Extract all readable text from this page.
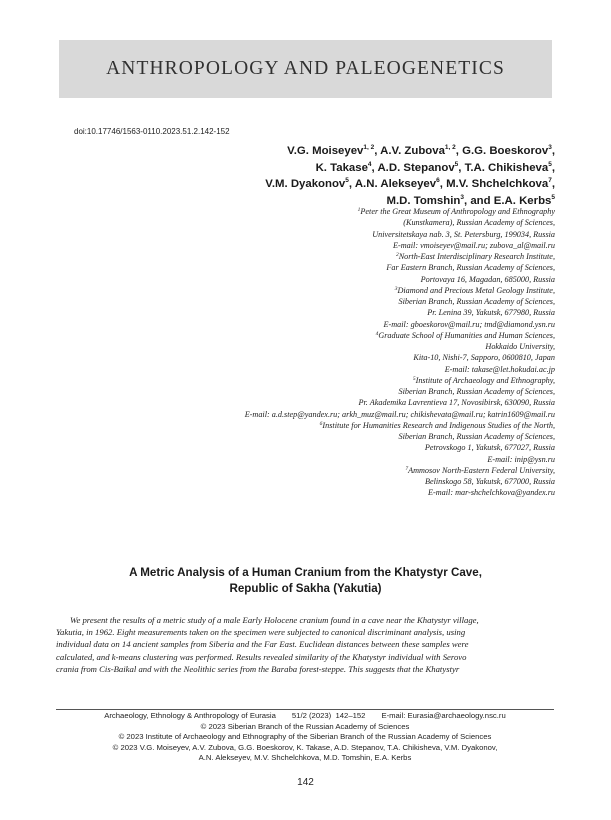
ANTHROPOLOGY AND PALEOGENETICS
doi:10.17746/1563-0110.2023.51.2.142-152
V.G. Moiseyev$^{1, 2}$, A.V. Zubova$^{1, 2}$, G.G. Boeskorov$^3$,
K. Takase$^4$, A.D. Stepanov$^5$, T.A. Chikisheva$^5$,
V.M. Dyakonov$^5$, A.N. Alekseyev$^6$, M.V. Shchelchkova$^7$,
M.D. Tomshin$^3$, and E.A. Kerbs$^5$
$^1$Peter the Great Museum of Anthropology and Ethnography
(Kunstkamera), Russian Academy of Sciences,
Universitetskaya nab. 3, St. Petersburg, 199034, Russia
E-mail: vmoiseyev@mail.ru; zubova_al@mail.ru
$^2$North-East Interdisciplinary Research Institute,
Far Eastern Branch, Russian Academy of Sciences,
Portovaya 16, Magadan, 685000, Russia
$^3$Diamond and Precious Metal Geology Institute,
Siberian Branch, Russian Academy of Sciences,
Pr. Lenina 39, Yakutsk, 677980, Russia
E-mail: gboeskorov@mail.ru; tmd@diamond.ysn.ru
$^4$Graduate School of Humanities and Human Sciences,
Hokkaido University,
Kita-10, Nishi-7, Sapporo, 0600810, Japan
E-mail: takase@let.hokudai.ac.jp
$^5$Institute of Archaeology and Ethnography,
Siberian Branch, Russian Academy of Sciences,
Pr. Akademika Lavrentieva 17, Novosibirsk, 630090, Russia
E-mail: a.d.step@yandex.ru; arkh_muz@mail.ru; chikishevata@mail.ru; katrin1609@mail.ru
$^6$Institute for Humanities Research and Indigenous Studies of the North,
Siberian Branch, Russian Academy of Sciences,
Petrovskogo 1, Yakutsk, 677027, Russia
E-mail: inip@ysn.ru
$^7$Ammosov North-Eastern Federal University,
Belinskogo 58, Yakutsk, 677000, Russia
E-mail: mar-shchelchkova@yandex.ru
A Metric Analysis of a Human Cranium from the Khatystyr Cave,
Republic of Sakha (Yakutia)
We present the results of a metric study of a male Early Holocene cranium found in a cave near the Khatystyr village,
Yakutia, in 1962. Eight measurements taken on the specimen were subjected to canonical discriminant analysis, using
individual data on 14 ancient samples from Siberia and the Far East. Euclidean distances between these samples were
calculated, and k-means clustering was performed. Results revealed similarity of the Khatystyr individual with Serovo
crania from Cis-Baikal and with the Neolithic series from the Baraba forest-steppe. This suggests that the Khatystyr
Archaeology, Ethnology & Anthropology of Eurasia 51/2 (2023) 142–152 E-mail: Eurasia@archaeology.nsc.ru
© 2023 Siberian Branch of the Russian Academy of Sciences
© 2023 Institute of Archaeology and Ethnography of the Siberian Branch of the Russian Academy of Sciences
© 2023 V.G. Moiseyev, A.V. Zubova, G.G. Boeskorov, K. Takase, A.D. Stepanov, T.A. Chikisheva, V.M. Dyakonov,
A.N. Alekseyev, M.V. Shchelchkova, M.D. Tomshin, E.A. Kerbs
142
